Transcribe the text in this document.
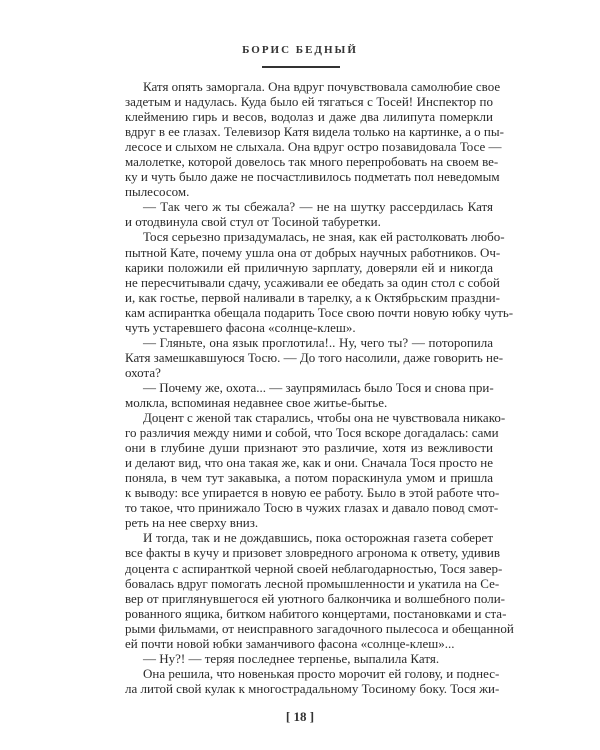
БОРИС БЕДНЫЙ
Катя опять заморгала. Она вдруг почувствовала самолюбие свое
задетым и надулась. Куда было ей тягаться с Тосей! Инспектор по
клеймению гирь и весов, водолаз и даже два лилипута померкли
вдруг в ее глазах. Телевизор Катя видела только на картинке, а о пы-
лесосе и слыхом не слыхала. Она вдруг остро позавидовала Тосе —
малолетке, которой довелось так много перепробовать на своем ве-
ку и чуть было даже не посчастливилось подметать пол неведомым
пылесосом.
— Так чего ж ты сбежала? — не на шутку рассердилась Катя
и отодвинула свой стул от Тосиной табуретки.
Тося серьезно призадумалась, не зная, как ей растолковать любо-
пытной Кате, почему ушла она от добрых научных работников. Оч-
карики положили ей приличную зарплату, доверяли ей и никогда
не пересчитывали сдачу, усаживали ее обедать за один стол с собой
и, как гостье, первой наливали в тарелку, а к Октябрьским праздни-
кам аспирантка обещала подарить Тосе свою почти новую юбку чуть-
чуть устаревшего фасона «солнце-клеш».
— Гляньте, она язык проглотила!.. Ну, чего ты? — поторопила
Катя замешкавшуюся Тосю. — До того насолили, даже говорить не-
охота?
— Почему же, охота... — заупрямилась было Тося и снова при-
молкла, вспоминая недавнее свое житье-бытье.
Доцент с женой так старались, чтобы она не чувствовала никако-
го различия между ними и собой, что Тося вскоре догадалась: сами
они в глубине души признают это различие, хотя из вежливости
и делают вид, что она такая же, как и они. Сначала Тося просто не
поняла, в чем тут закавыка, а потом пораскинула умом и пришла
к выводу: все упирается в новую ее работу. Было в этой работе что-
то такое, что принижало Тосю в чужих глазах и давало повод смот-
реть на нее сверху вниз.
И тогда, так и не дождавшись, пока осторожная газета соберет
все факты в кучу и призовет зловредного агронома к ответу, удивив
доцента с аспиранткой черной своей неблагодарностью, Тося завер-
бовалась вдруг помогать лесной промышленности и укатила на Се-
вер от приглянувшегося ей уютного балкончика и волшебного поли-
рованного ящика, битком набитого концертами, постановками и ста-
рыми фильмами, от неисправного загадочного пылесоса и обещанной
ей почти новой юбки заманчивого фасона «солнце-клеш»...
— Ну?! — теряя последнее терпенье, выпалила Катя.
Она решила, что новенькая просто морочит ей голову, и поднес-
ла литой свой кулак к многострадальному Тосиному боку. Тося жи-
[ 18 ]
